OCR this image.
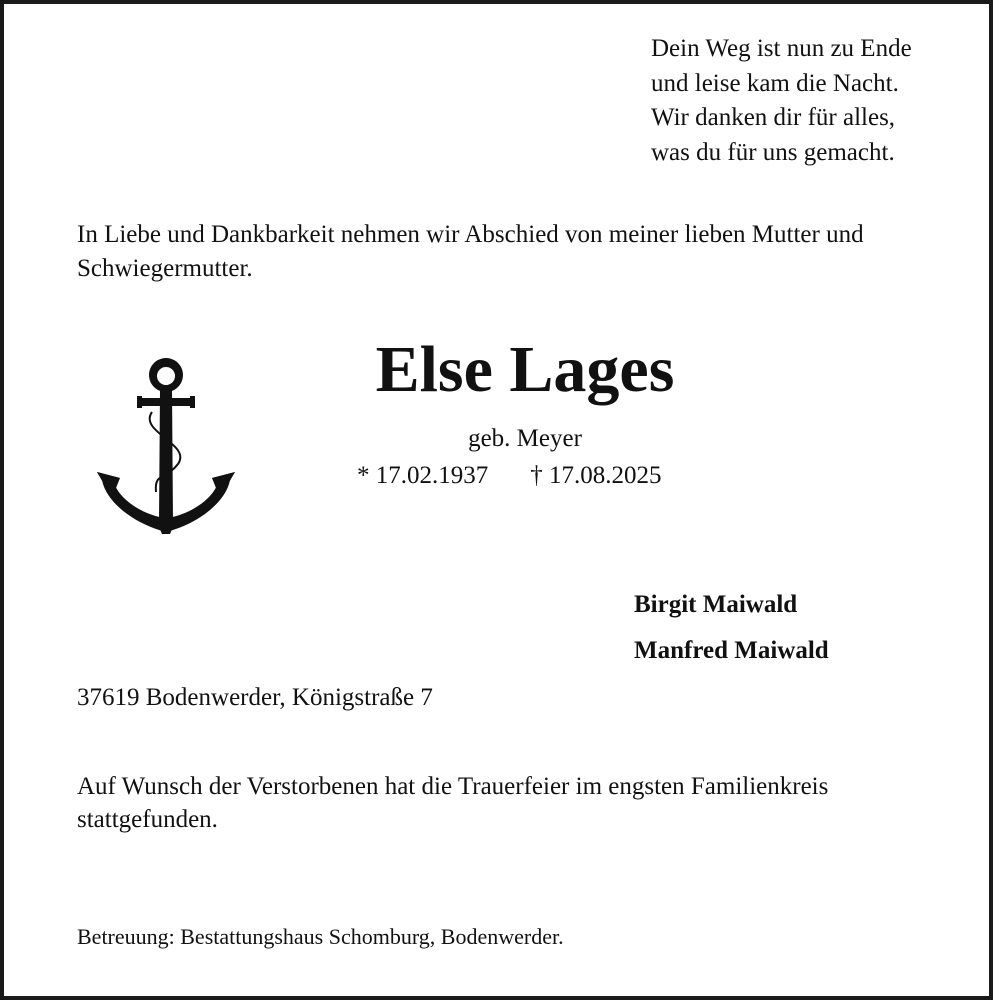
Dein Weg ist nun zu Ende
und leise kam die Nacht.
Wir danken dir für alles,
was du für uns gemacht.
In Liebe und Dankbarkeit nehmen wir Abschied von meiner lieben Mutter und Schwiegermutter.
Else Lages
geb. Meyer
* 17.02.1937 † 17.08.2025
Birgit Maiwald
Manfred Maiwald
37619 Bodenwerder, Königstraße 7
Auf Wunsch der Verstorbenen hat die Trauerfeier im engsten Familienkreis stattgefunden.
Betreuung: Bestattungshaus Schomburg, Bodenwerder.
